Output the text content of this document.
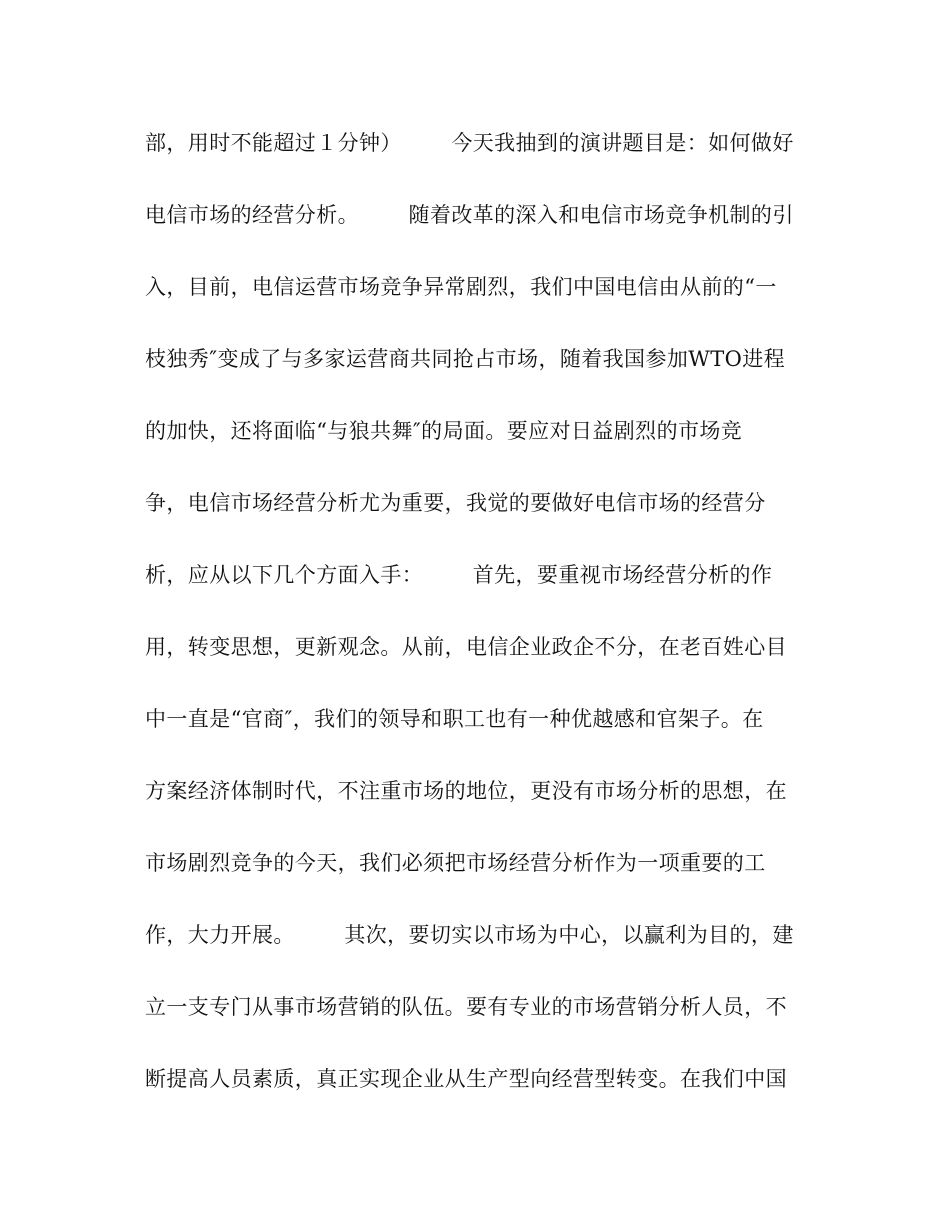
部，用时不能超过１分钟）       今天我抽到的演讲题目是：如何做好
电信市场的经营分析。       随着改革的深入和电信市场竞争机制的引
入，目前，电信运营市场竞争异常剧烈，我们中国电信由从前的“一
枝独秀″变成了与多家运营商共同抢占市场，随着我国参加WTO进程
的加快，还将面临“与狼共舞″的局面。要应对日益剧烈的市场竞
争，电信市场经营分析尤为重要，我觉的要做好电信市场的经营分
析，应从以下几个方面入手：       首先，要重视市场经营分析的作
用，转变思想，更新观念。从前，电信企业政企不分，在老百姓心目
中一直是“官商″，我们的领导和职工也有一种优越感和官架子。在
方案经济体制时代，不注重市场的地位，更没有市场分析的思想，在
市场剧烈竞争的今天，我们必须把市场经营分析作为一项重要的工
作，大力开展。       其次，要切实以市场为中心，以赢利为目的，建
立一支专门从事市场营销的队伍。要有专业的市场营销分析人员，不
断提高人员素质，真正实现企业从生产型向经营型转变。在我们中国
